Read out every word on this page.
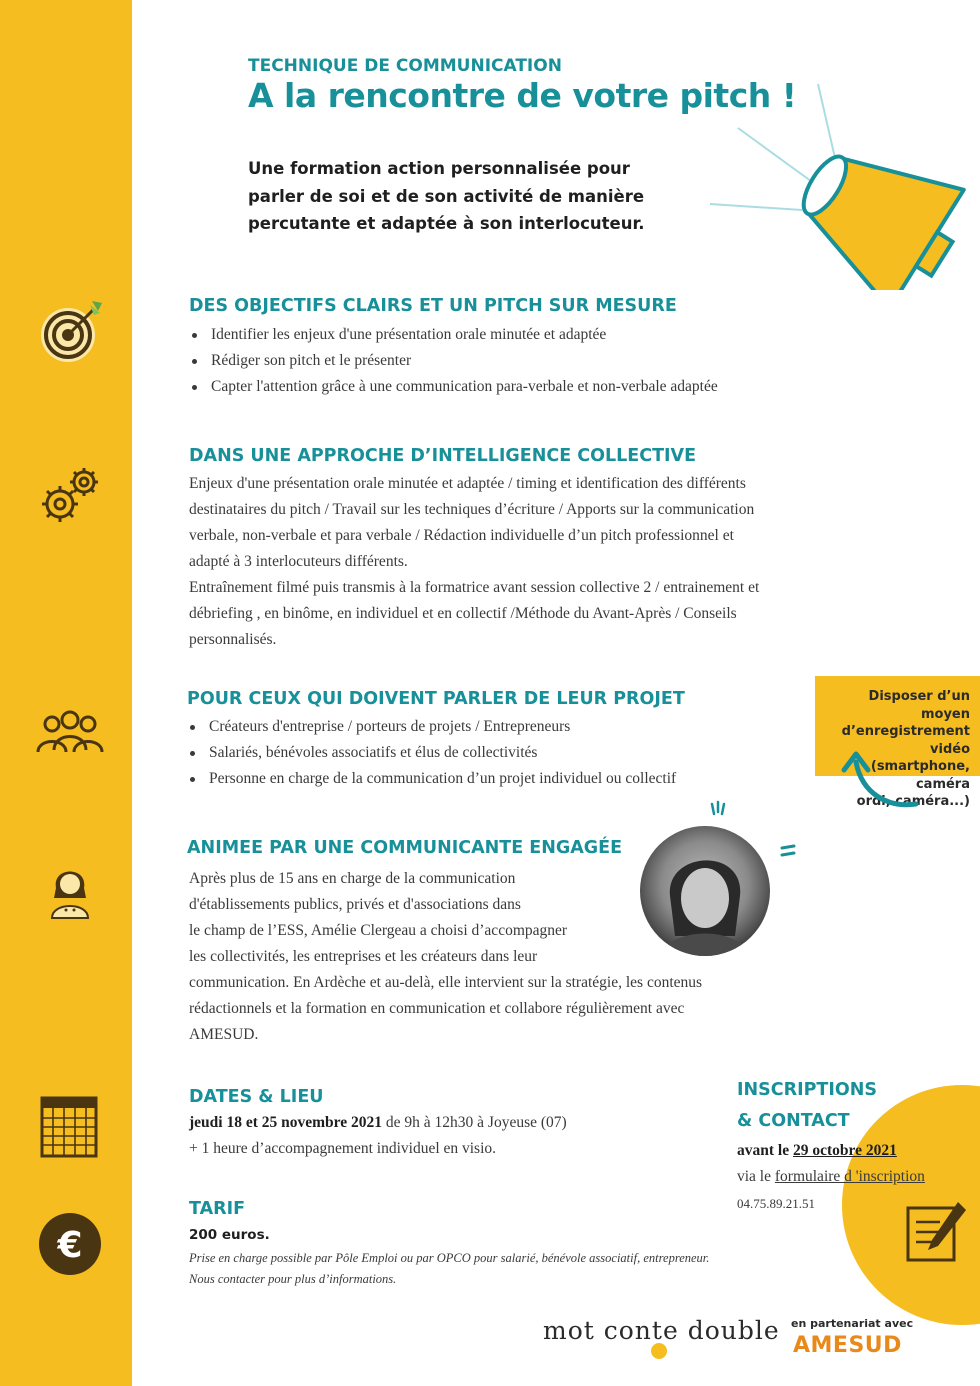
€
TECHNIQUE DE COMMUNICATION
A la rencontre de votre pitch !
Une formation action personnalisée pour parler de soi et de son activité de manière percutante et adaptée à son interlocuteur.
DES OBJECTIFS CLAIRS ET UN PITCH SUR MESURE
Identifier les enjeux d'une présentation orale minutée et adaptée
Rédiger son pitch et le présenter
Capter l'attention grâce à une communication para-verbale et non-verbale adaptée
DANS UNE APPROCHE D’INTELLIGENCE COLLECTIVE
Enjeux d'une présentation orale minutée et adaptée / timing et identification des différents
destinataires du pitch / Travail sur les techniques d’écriture / Apports sur la communication
verbale, non-verbale et para verbale / Rédaction individuelle d’un pitch professionnel et
adapté à 3 interlocuteurs différents.
Entraînement filmé puis transmis à la formatrice avant session collective 2 / entrainement et
débriefing , en binôme, en individuel et en collectif /Méthode du Avant-Après / Conseils
personnalisés.
POUR CEUX QUI DOIVENT PARLER DE LEUR PROJET
Créateurs d'entreprise / porteurs de projets / Entrepreneurs
Salariés, bénévoles associatifs et élus de collectivités
Personne en charge de la communication d’un projet individuel ou collectif
Disposer d’un moyen
d’enregistrement vidéo
(smartphone, caméra
ordi, caméra...)
ANIMEE PAR UNE COMMUNICANTE ENGAGÉE
Après plus de 15 ans en charge de la communication
d'établissements publics, privés et d'associations dans
le champ de l’ESS, Amélie Clergeau a choisi d’accompagner
les collectivités, les entreprises et les créateurs dans leur
communication. En Ardèche et au-delà, elle intervient sur la stratégie, les contenus
rédactionnels et la formation en communication et collabore régulièrement avec
AMESUD.
DATES & LIEU
jeudi 18 et 25 novembre 2021 de 9h à 12h30 à Joyeuse (07)
+ 1 heure d’accompagnement individuel en visio.
TARIF
200 euros.
Prise en charge possible par Pôle Emploi ou par OPCO pour salarié, bénévole associatif, entrepreneur.
Nous contacter pour plus d’informations.
INSCRIPTIONS
& CONTACT
avant le 29 octobre 2021
via le formulaire d 'inscription
04.75.89.21.51
mot conte double en partenariat avec
AMESUD
